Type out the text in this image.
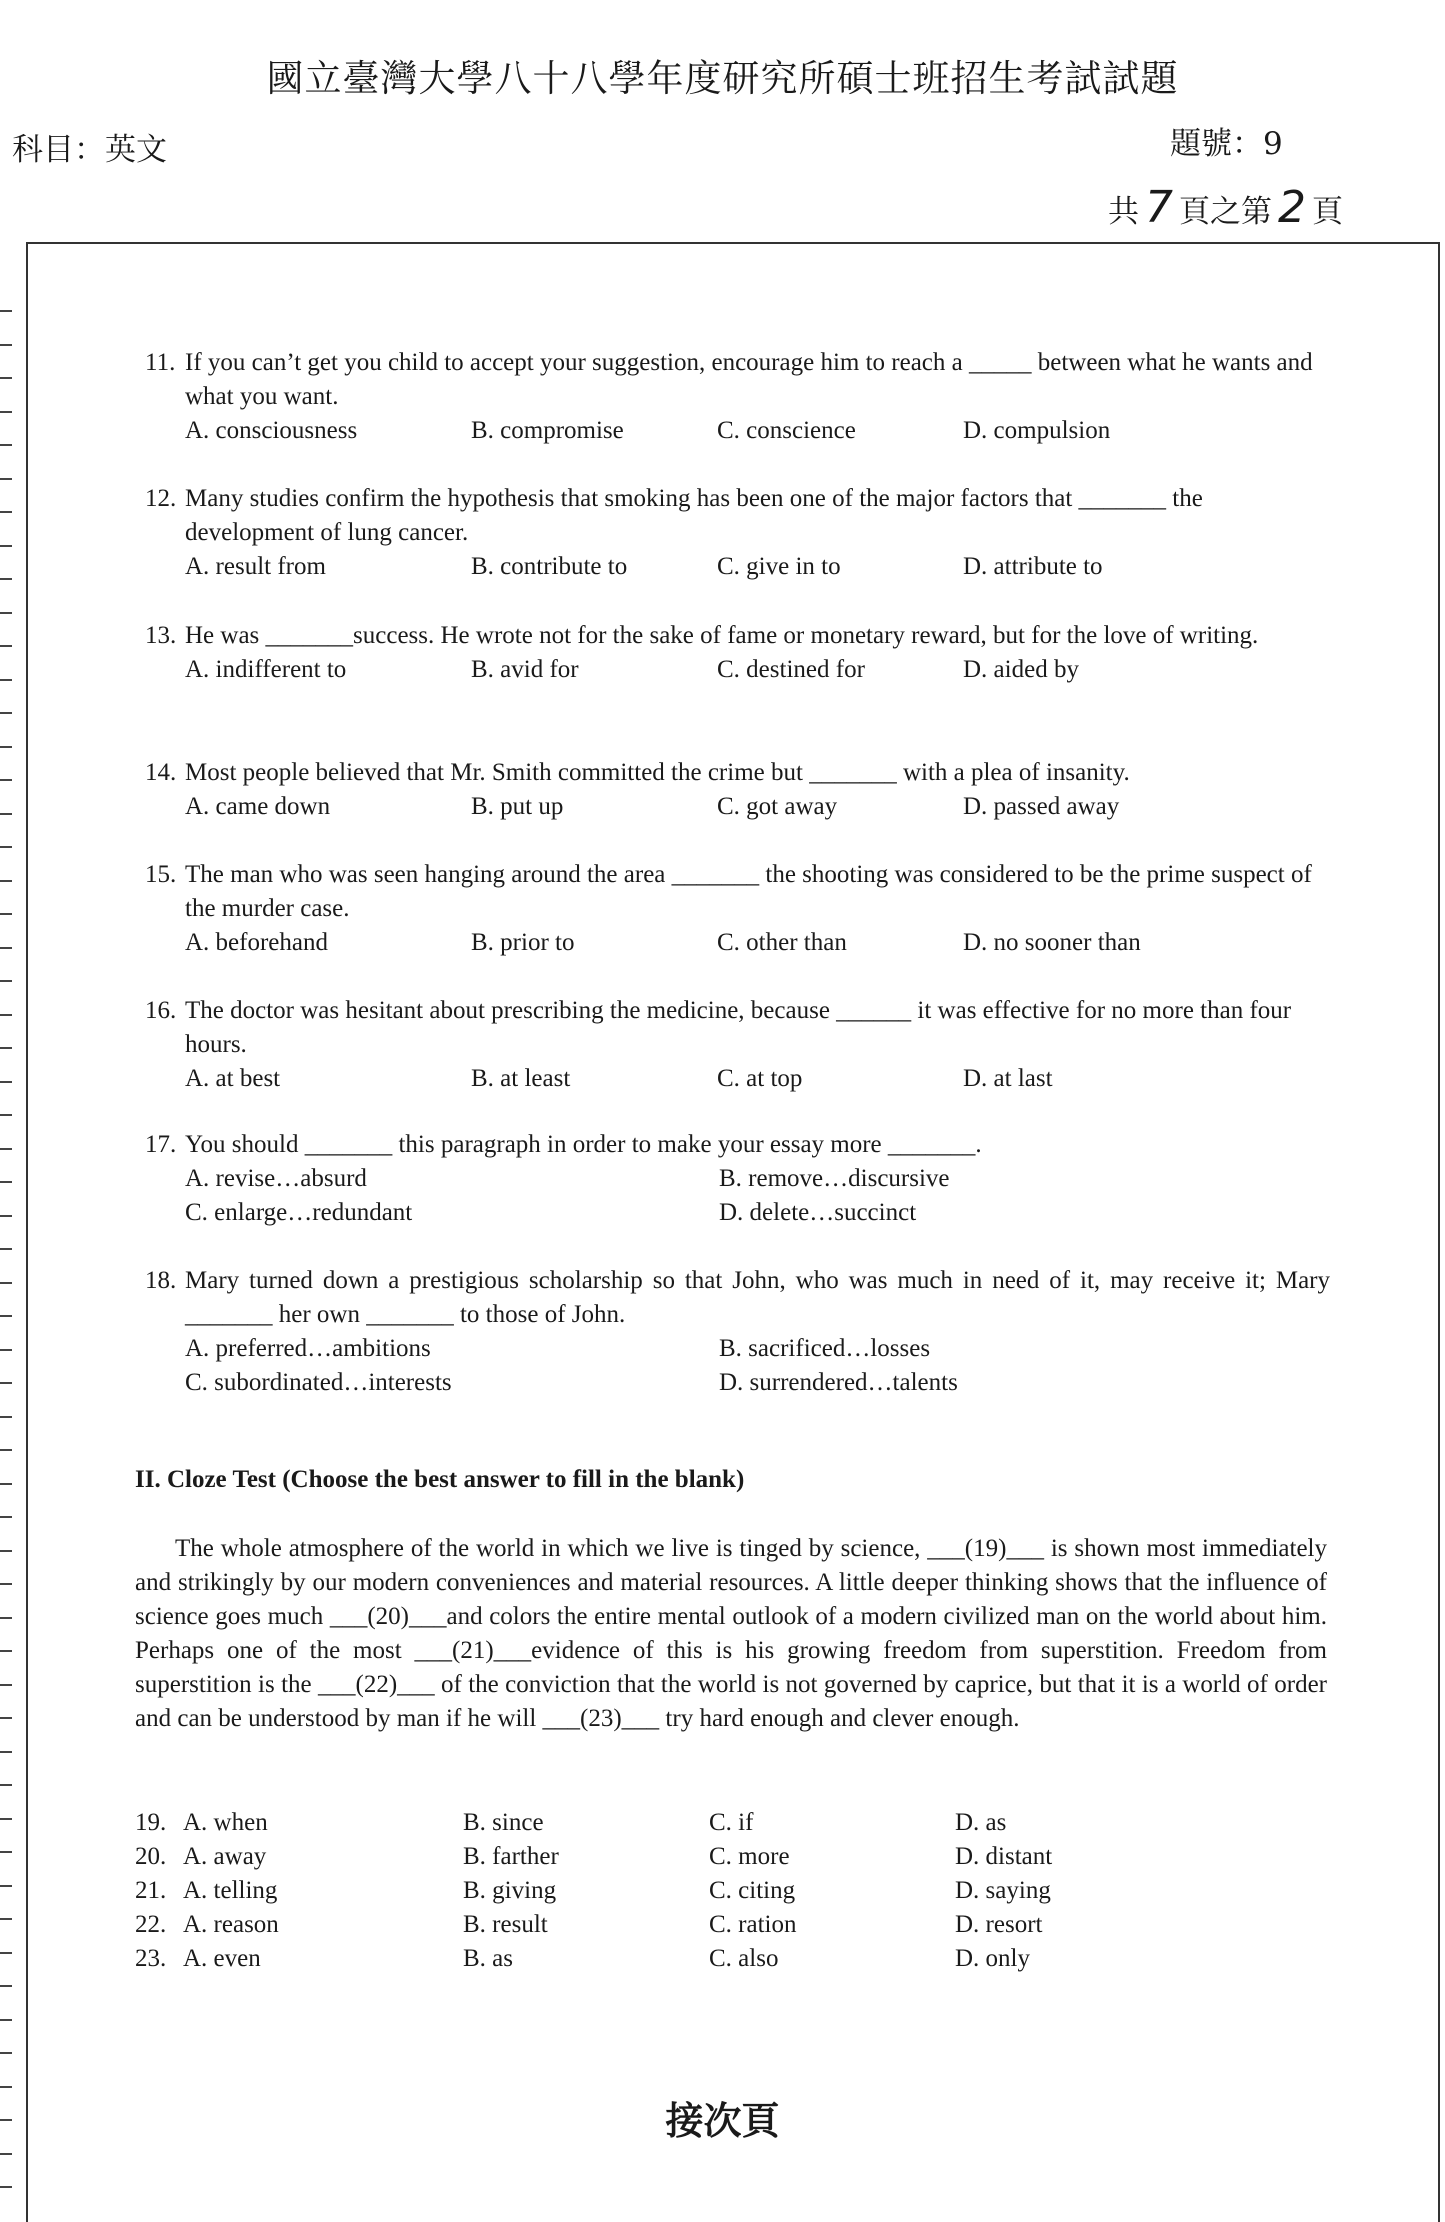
國立臺灣大學八十八學年度研究所碩士班招生考試試題
科目：英文	題號：9
共 7 頁之第 2 頁
11. If you can’t get you child to accept your suggestion, encourage him to reach a _____ between what he wants and what you want.
A. consciousness	B. compromise	C. conscience	D. compulsion
12. Many studies confirm the hypothesis that smoking has been one of the major factors that _______ the development of lung cancer.
A. result from	B. contribute to	C. give in to	D. attribute to
13. He was _______success. He wrote not for the sake of fame or monetary reward, but for the love of writing.
A. indifferent to	B. avid for	C. destined for	D. aided by
14. Most people believed that Mr. Smith committed the crime but _______ with a plea of insanity.
A. came down	B. put up	C. got away	D. passed away
15. The man who was seen hanging around the area _______ the shooting was considered to be the prime suspect of the murder case.
A. beforehand	B. prior to	C. other than	D. no sooner than
16. The doctor was hesitant about prescribing the medicine, because ______ it was effective for no more than four hours.
A. at best	B. at least	C. at top	D. at last
17. You should _______ this paragraph in order to make your essay more _______.
A. revise…absurd	B. remove…discursive
C. enlarge…redundant	D. delete…succinct
18. Mary turned down a prestigious scholarship so that John, who was much in need of it, may receive it; Mary _______ her own _______ to those of John.
A. preferred…ambitions	B. sacrificed…losses
C. subordinated…interests	D. surrendered…talents
II. Cloze Test (Choose the best answer to fill in the blank)
The whole atmosphere of the world in which we live is tinged by science, ___(19)___ is shown most immediately and strikingly by our modern conveniences and material resources. A little deeper thinking shows that the influence of science goes much ___(20)___and colors the entire mental outlook of a modern civilized man on the world about him. Perhaps one of the most ___(21)___evidence of this is his growing freedom from superstition. Freedom from superstition is the ___(22)___ of the conviction that the world is not governed by caprice, but that it is a world of order and can be understood by man if he will ___(23)___ try hard enough and clever enough.
19. A. when	B. since	C. if	D. as
20. A. away	B. farther	C. more	D. distant
21. A. telling	B. giving	C. citing	D. saying
22. A. reason	B. result	C. ration	D. resort
23. A. even	B. as	C. also	D. only
接次頁
